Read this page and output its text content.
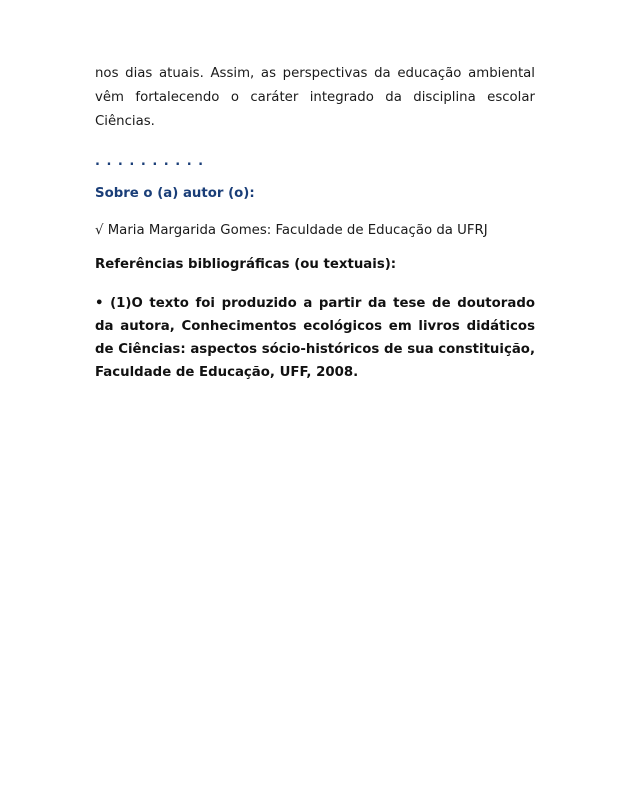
nos dias atuais. Assim, as perspectivas da educação ambiental vêm fortalecendo o caráter integrado da disciplina escolar Ciências.

. . . . . . . . . .
Sobre o (a) autor (o):
√ Maria Margarida Gomes: Faculdade de Educação da UFRJ
Referências bibliográficas (ou textuais):

• (1)O texto foi produzido a partir da tese de doutorado da autora, Conhecimentos ecológicos em livros didáticos de Ciências: aspectos sócio-históricos de sua constituição, Faculdade de Educação, UFF, 2008.
